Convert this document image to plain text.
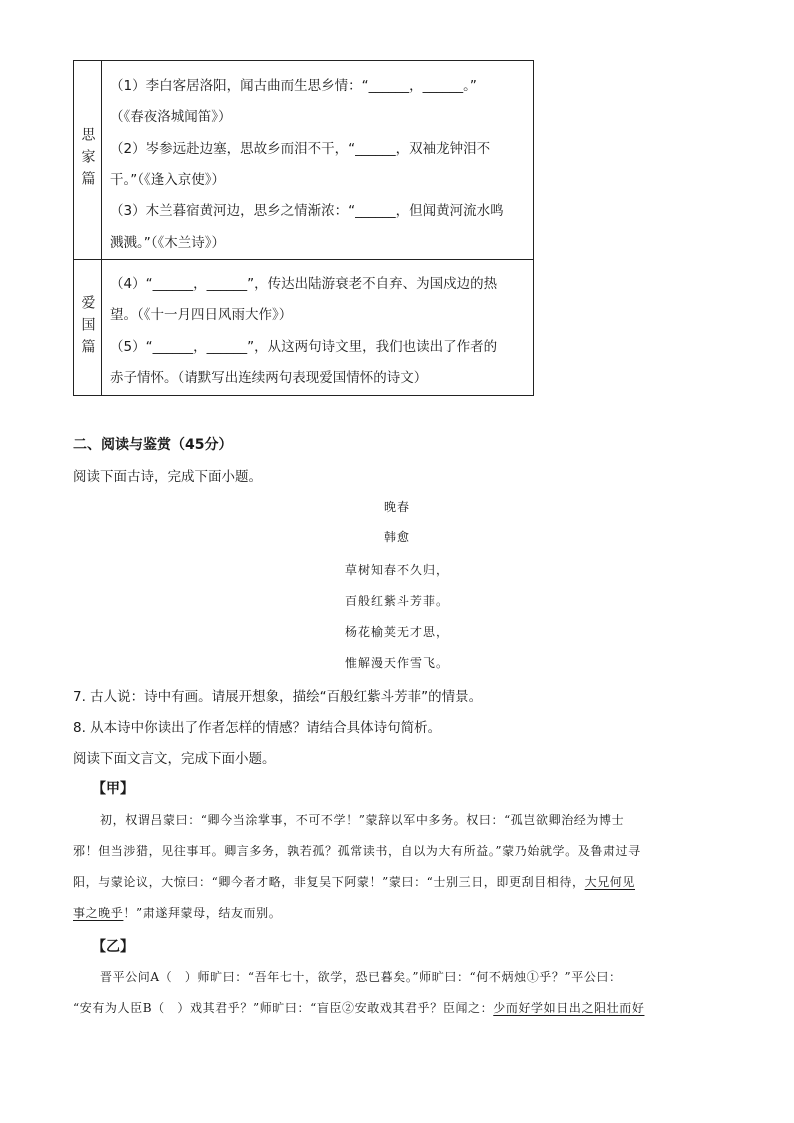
思家篇
（1）李白客居洛阳，闻古曲而生思乡情：“______，______。”
（《春夜洛城闻笛》）
（2）岑参远赴边塞，思故乡而泪不干，“______，双袖龙钟泪不
干。”（《逢入京使》）
（3）木兰暮宿黄河边，思乡之情渐浓：“______，但闻黄河流水鸣
溅溅。”（《木兰诗》）
爱国篇
（4）“______，______”，传达出陆游衰老不自弃、为国戍边的热
望。（《十一月四日风雨大作》）
（5）“______，______”，从这两句诗文里，我们也读出了作者的
赤子情怀。（请默写出连续两句表现爱国情怀的诗文）
二、阅读与鉴赏（45分）
阅读下面古诗，完成下面小题。
晚春
韩愈
草树知春不久归，
百般红紫斗芳菲。
杨花榆荚无才思，
惟解漫天作雪飞。
7. 古人说：诗中有画。请展开想象，描绘“百般红紫斗芳菲”的情景。
8. 从本诗中你读出了作者怎样的情感？请结合具体诗句简析。
阅读下面文言文，完成下面小题。
【甲】
初，权谓吕蒙曰：“卿今当涂掌事，不可不学！”蒙辞以军中多务。权曰：“孤岂欲卿治经为博士
邪！但当涉猎，见往事耳。卿言多务，孰若孤？孤常读书，自以为大有所益。”蒙乃始就学。及鲁肃过寻
阳，与蒙论议，大惊曰：“卿今者才略，非复吴下阿蒙！”蒙曰：“士别三日，即更刮目相待，大兄何见
事之晚乎！”肃遂拜蒙母，结友而别。
【乙】
晋平公问A（　）师旷曰：“吾年七十，欲学，恐已暮矣。”师旷曰：“何不炳烛①乎？”平公曰：
“安有为人臣B（　）戏其君乎？”师旷曰：“盲臣②安敢戏其君乎？臣闻之：少而好学如日出之阳壮而好
